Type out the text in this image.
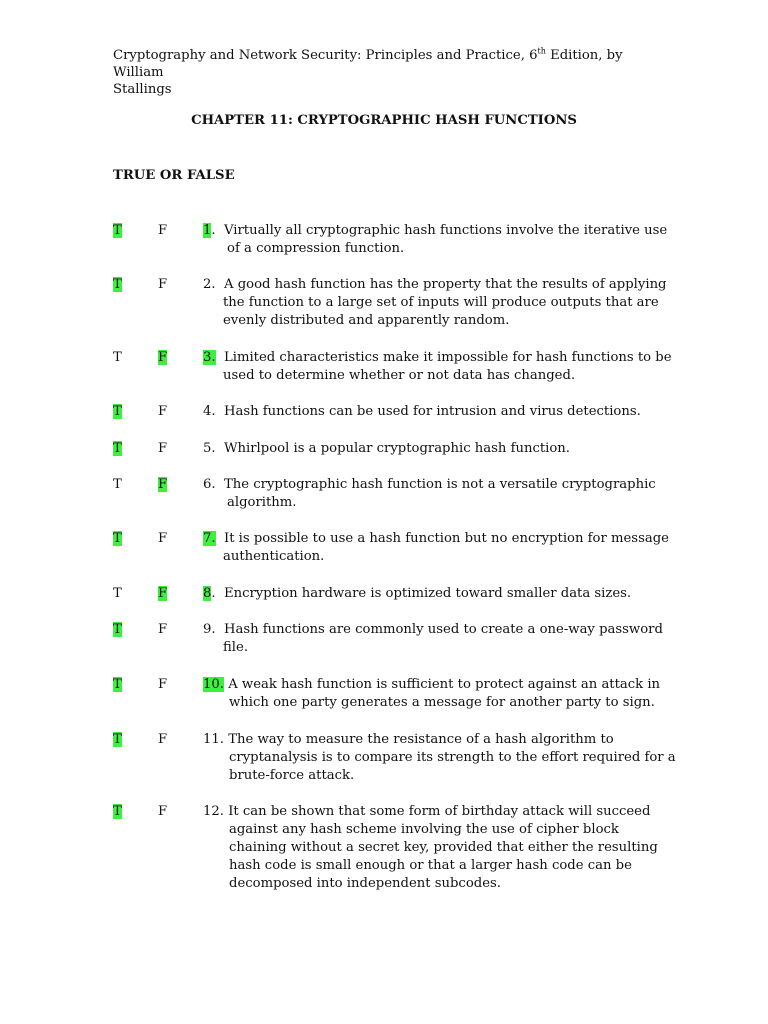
Cryptography and Network Security: Principles and Practice, 6th Edition, by William
Stallings
CHAPTER 11: CRYPTOGRAPHIC HASH FUNCTIONS
TRUE OR FALSE
T	F	1.  Virtually all cryptographic hash functions involve the iterative use
of a compression function.
T	F	2. A good hash function has the property that the results of applying
the function to a large set of inputs will produce outputs that are
evenly distributed and apparently random.
T	F	3. Limited characteristics make it impossible for hash functions to be
used to determine whether or not data has changed.
T	F	4. Hash functions can be used for intrusion and virus detections.
T	F	5. Whirlpool is a popular cryptographic hash function.
T	F	6. The cryptographic hash function is not a versatile cryptographic
algorithm.
T	F	7. It is possible to use a hash function but no encryption for message
authentication.
T	F	8.  Encryption hardware is optimized toward smaller data sizes.
T	F	9. Hash functions are commonly used to create a one-way password
file.
T	F	10. A weak hash function is sufficient to protect against an attack in
which one party generates a message for another party to sign.
T	F	11. The way to measure the resistance of a hash algorithm to
cryptanalysis is to compare its strength to the effort required for a
brute-force attack.
T	F	12. It can be shown that some form of birthday attack will succeed
against any hash scheme involving the use of cipher block
chaining without a secret key, provided that either the resulting
hash code is small enough or that a larger hash code can be
decomposed into independent subcodes.
